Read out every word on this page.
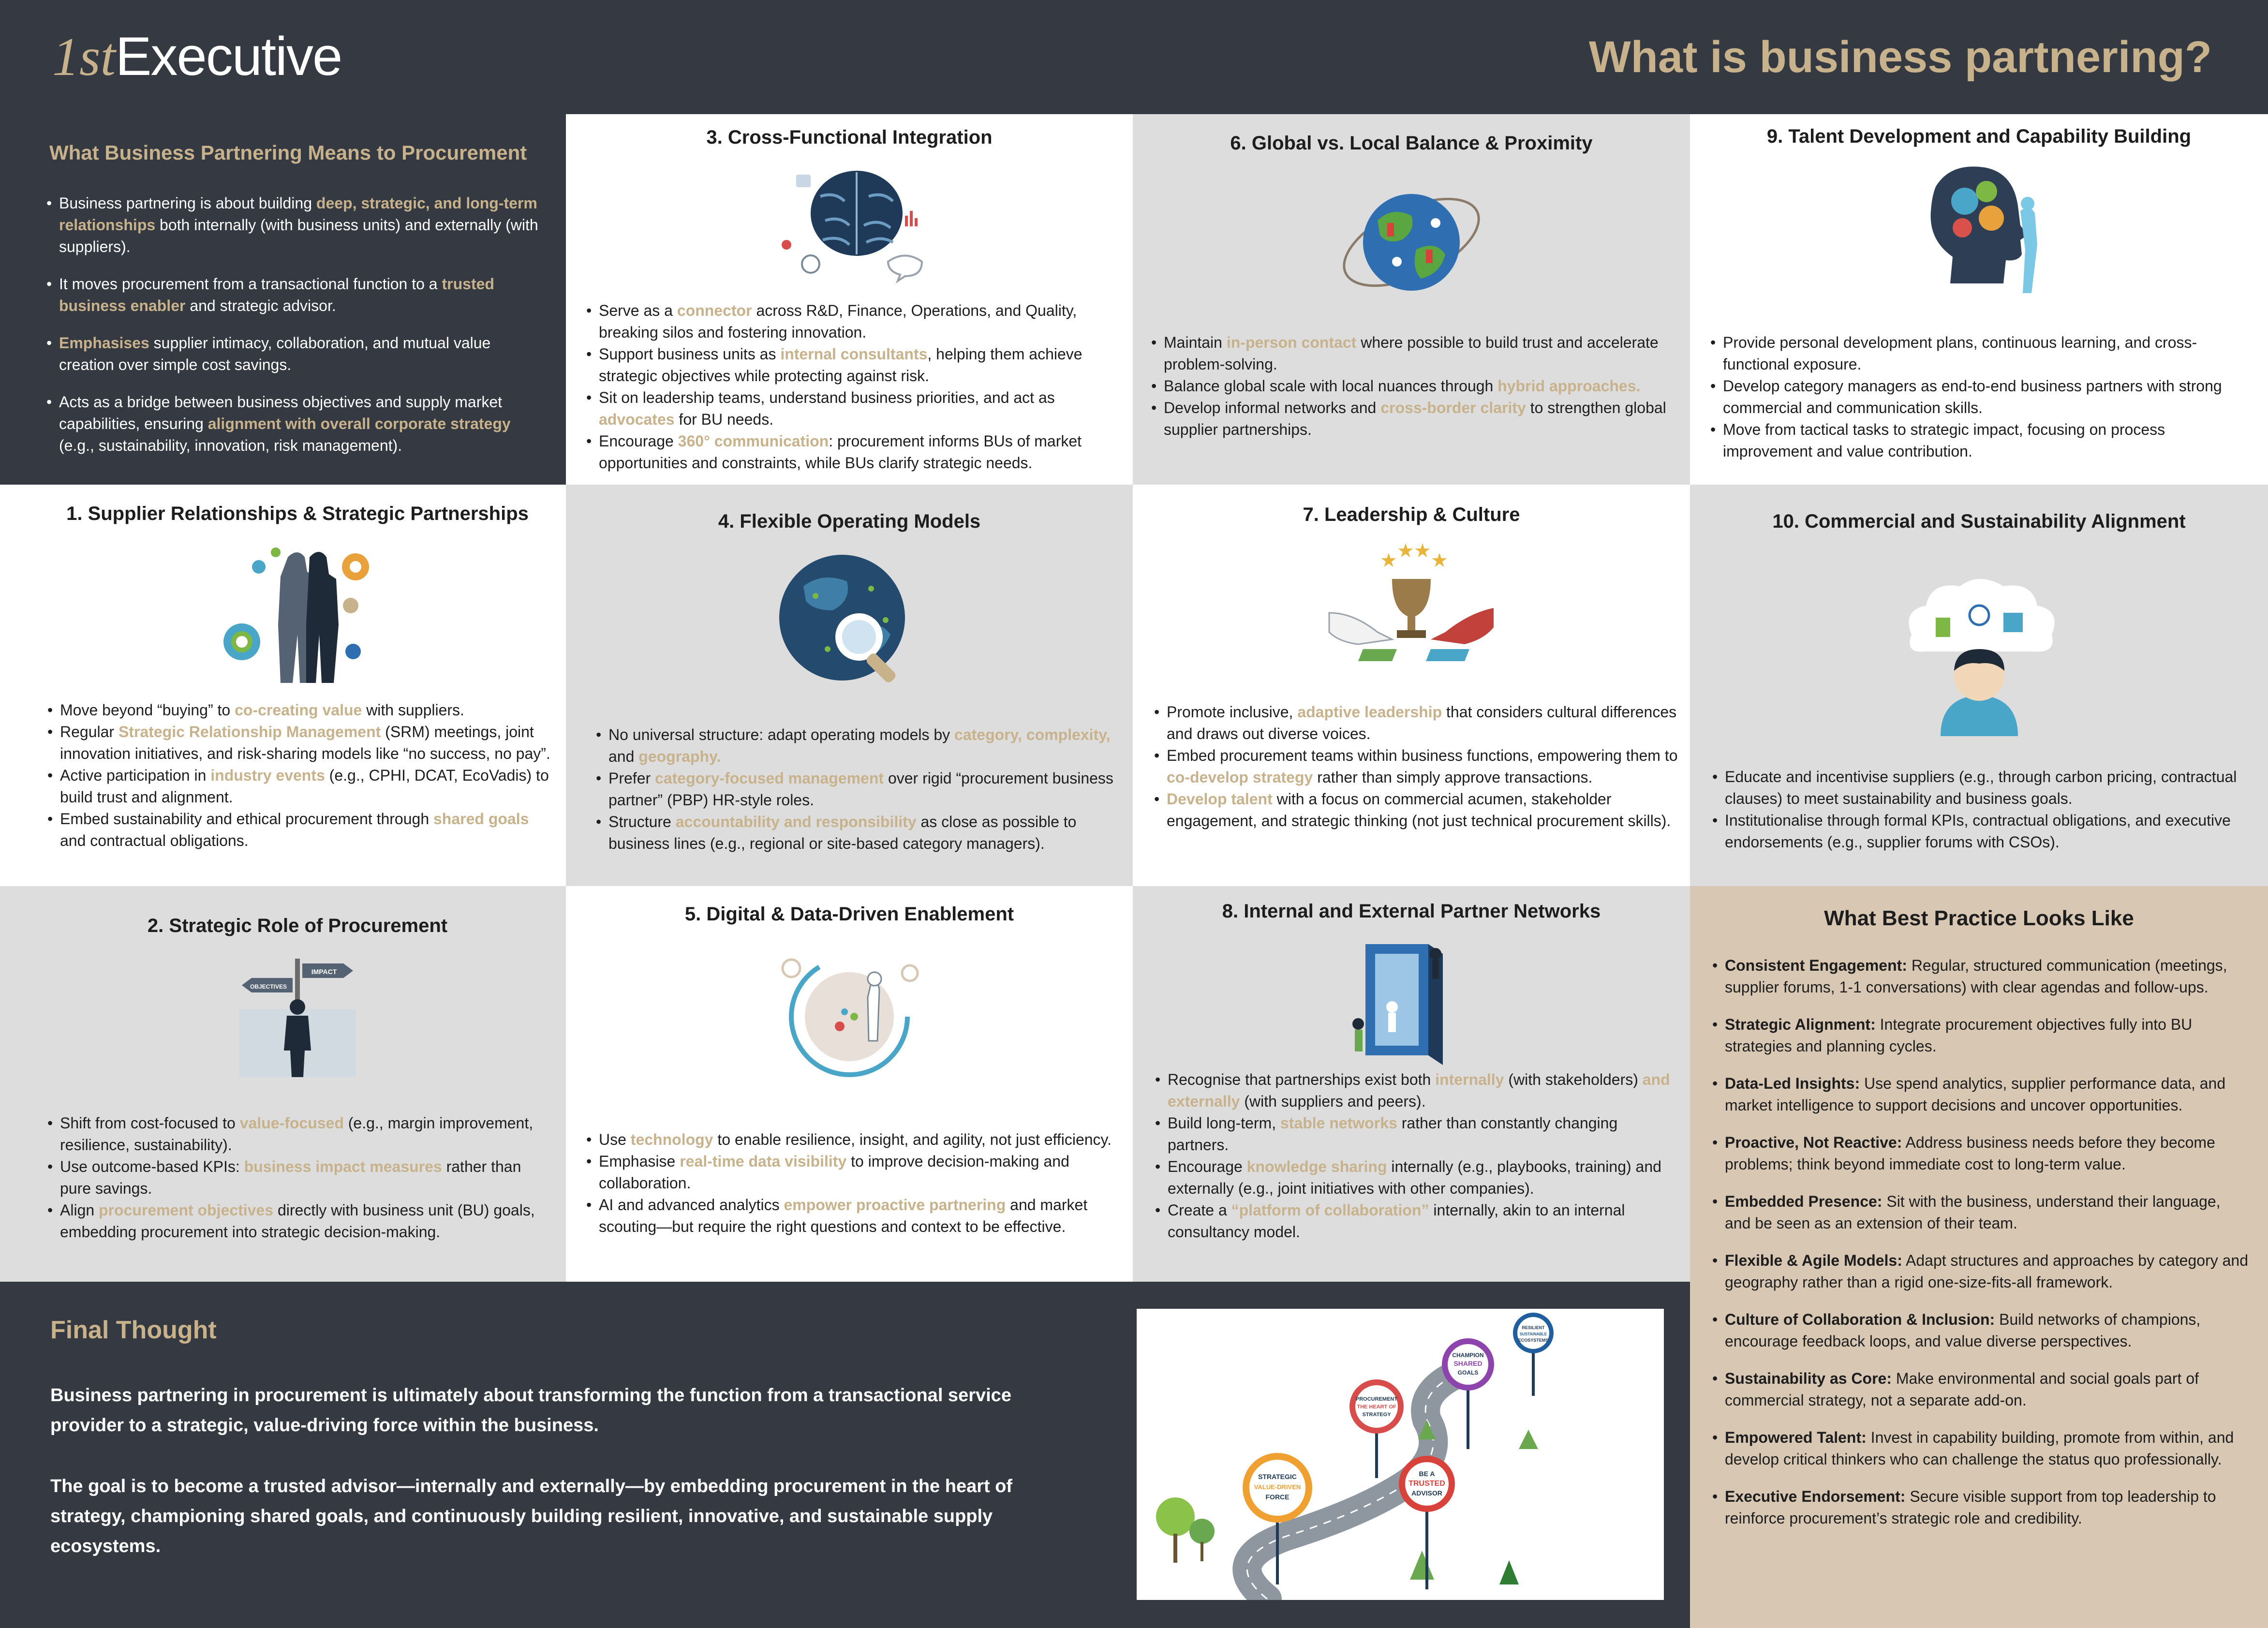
1stExecutive	What is business partnering?
What Business Partnering Means to Procurement
• Business partnering is about building deep, strategic, and long-term relationships both internally (with business units) and externally (with suppliers).
• It moves procurement from a transactional function to a trusted business enabler and strategic advisor.
• Emphasises supplier intimacy, collaboration, and mutual value creation over simple cost savings.
• Acts as a bridge between business objectives and supply market capabilities, ensuring alignment with overall corporate strategy (e.g., sustainability, innovation, risk management).
3. Cross-Functional Integration
• Serve as a connector across R&D, Finance, Operations, and Quality, breaking silos and fostering innovation.
• Support business units as internal consultants, helping them achieve strategic objectives while protecting against risk.
• Sit on leadership teams, understand business priorities, and act as advocates for BU needs.
• Encourage 360° communication: procurement informs BUs of market opportunities and constraints, while BUs clarify strategic needs.
6. Global vs. Local Balance & Proximity
• Maintain in-person contact where possible to build trust and accelerate problem-solving.
• Balance global scale with local nuances through hybrid approaches.
• Develop informal networks and cross-border clarity to strengthen global supplier partnerships.
9. Talent Development and Capability Building
• Provide personal development plans, continuous learning, and cross-functional exposure.
• Develop category managers as end-to-end business partners with strong commercial and communication skills.
• Move from tactical tasks to strategic impact, focusing on process improvement and value contribution.
1. Supplier Relationships & Strategic Partnerships
• Move beyond “buying” to co-creating value with suppliers.
• Regular Strategic Relationship Management (SRM) meetings, joint innovation initiatives, and risk-sharing models like “no success, no pay”.
• Active participation in industry events (e.g., CPHI, DCAT, EcoVadis) to build trust and alignment.
• Embed sustainability and ethical procurement through shared goals and contractual obligations.
4. Flexible Operating Models
• No universal structure: adapt operating models by category, complexity, and geography.
• Prefer category-focused management over rigid “procurement business partner” (PBP) HR-style roles.
• Structure accountability and responsibility as close as possible to business lines (e.g., regional or site-based category managers).
7. Leadership & Culture
★ ★ ★ ★
• Promote inclusive, adaptive leadership that considers cultural differences and draws out diverse voices.
• Embed procurement teams within business functions, empowering them to co-develop strategy rather than simply approve transactions.
• Develop talent with a focus on commercial acumen, stakeholder engagement, and strategic thinking (not just technical procurement skills).
10. Commercial and Sustainability Alignment
• Educate and incentivise suppliers (e.g., through carbon pricing, contractual clauses) to meet sustainability and business goals.
• Institutionalise through formal KPIs, contractual obligations, and executive endorsements (e.g., supplier forums with CSOs).
2. Strategic Role of Procurement
IMPACT
OBJECTIVES
• Shift from cost-focused to value-focused (e.g., margin improvement, resilience, sustainability).
• Use outcome-based KPIs: business impact measures rather than pure savings.
• Align procurement objectives directly with business unit (BU) goals, embedding procurement into strategic decision-making.
5. Digital & Data-Driven Enablement
• Use technology to enable resilience, insight, and agility, not just efficiency.
• Emphasise real-time data visibility to improve decision-making and collaboration.
• AI and advanced analytics empower proactive partnering and market scouting—but require the right questions and context to be effective.
8. Internal and External Partner Networks
• Recognise that partnerships exist both internally (with stakeholders) and externally (with suppliers and peers).
• Build long-term, stable networks rather than constantly changing partners.
• Encourage knowledge sharing internally (e.g., playbooks, training) and externally (e.g., joint initiatives with other companies).
• Create a “platform of collaboration” internally, akin to an internal consultancy model.
What Best Practice Looks Like
• Consistent Engagement: Regular, structured communication (meetings, supplier forums, 1-1 conversations) with clear agendas and follow-ups.
• Strategic Alignment: Integrate procurement objectives fully into BU strategies and planning cycles.
• Data-Led Insights: Use spend analytics, supplier performance data, and market intelligence to support decisions and uncover opportunities.
• Proactive, Not Reactive: Address business needs before they become problems; think beyond immediate cost to long-term value.
• Embedded Presence: Sit with the business, understand their language, and be seen as an extension of their team.
• Flexible & Agile Models: Adapt structures and approaches by category and geography rather than a rigid one-size-fits-all framework.
• Culture of Collaboration & Inclusion: Build networks of champions, encourage feedback loops, and value diverse perspectives.
• Sustainability as Core: Make environmental and social goals part of commercial strategy, not a separate add-on.
• Empowered Talent: Invest in capability building, promote from within, and develop critical thinkers who can challenge the status quo professionally.
• Executive Endorsement: Secure visible support from top leadership to reinforce procurement’s strategic role and credibility.
Final Thought
Business partnering in procurement is ultimately about transforming the function from a transactional service provider to a strategic, value-driving force within the business.
The goal is to become a trusted advisor—internally and externally—by embedding procurement in the heart of strategy, championing shared goals, and continuously building resilient, innovative, and sustainable supply ecosystems.
STRATEGIC
VALUE-DRIVEN
FORCE
PROCUREMENT
THE HEART OF
STRATEGY
BE A
TRUSTED
ADVISOR
CHAMPION
SHARED
GOALS
RESILIENT
SUSTAINABLE
ECOSYSTEMS
